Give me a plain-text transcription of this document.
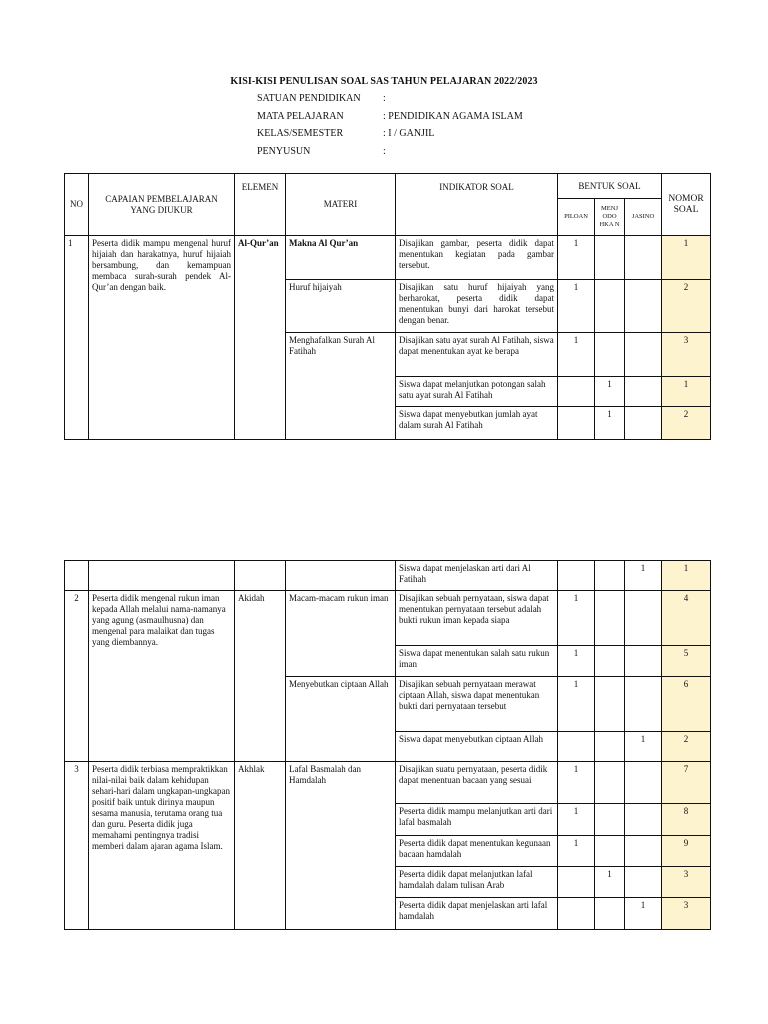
KISI-KISI PENULISAN SOAL SAS TAHUN PELAJARAN 2022/2023
SATUAN PENDIDIKAN :
MATA PELAJARAN	: PENDIDIKAN AGAMA ISLAM
KELAS/SEMESTER	: I / GANJIL
PENYUSUN	:
NO	CAPAIAN PEMBELAJARAN YANG DIUKUR	ELEMEN	MATERI	INDIKATOR SOAL	BENTUK SOAL			NOMOR SOAL
					PILOAN	MENJ ODO HKA N	JASINO	
1	Peserta didik mampu mengenal huruf hijaiah dan harakatnya, huruf hijaiah bersambung, dan kemampuan membaca surah-surah pendek Al-Qur’an dengan baik.	Al-Qur’an	Makna Al Qur’an	Disajikan gambar, peserta didik dapat menentukan kegiatan pada gambar tersebut.	1			1
			Huruf hijaiyah	Disajikan satu huruf hijaiyah yang berharokat, peserta didik dapat menentukan bunyi dari harokat tersebut dengan benar.	1			2
			Menghafalkan Surah Al Fatihah	Disajikan satu ayat surah Al Fatihah, siswa dapat menentukan ayat ke berapa	1			3
				Siswa dapat melanjutkan potongan salah satu ayat surah Al Fatihah		1		1
				Siswa dapat menyebutkan jumlah ayat dalam surah Al Fatihah		1		2
				Siswa dapat menjelaskan arti dari Al Fatihah			1	1
2	Peserta didik mengenal rukun iman kepada Allah melalui nama-namanya yang agung (asmaulhusna) dan mengenal para malaikat dan tugas yang diembannya.	Akidah	Macam-macam rukun iman	Disajikan sebuah pernyataan, siswa dapat menentukan pernyataan tersebut adalah bukti rukun iman kepada siapa	1			4
				Siswa dapat menentukan salah satu rukun iman	1			5
			Menyebutkan ciptaan Allah	Disajikan sebuah pernyataan merawat ciptaan Allah, siswa dapat menentukan bukti dari pernyataan tersebut	1			6
				Siswa dapat menyebutkan ciptaan Allah			1	2
3	Peserta didik terbiasa mempraktikkan nilai-nilai baik dalam kehidupan sehari-hari dalam ungkapan-ungkapan positif baik untuk dirinya maupun sesama manusia, terutama orang tua dan guru. Peserta didik juga memahami pentingnya tradisi memberi dalam ajaran agama Islam.	Akhlak	Lafal Basmalah dan Hamdalah	Disajikan suatu pernyataan, peserta didik dapat menentuan bacaan yang sesuai	1			7
				Peserta didik mampu melanjutkan arti dari lafal basmalah	1			8
				Peserta didik dapat menentukan kegunaan bacaan hamdalah	1			9
				Peserta didik dapat melanjutkan lafal hamdalah dalam tulisan Arab		1		3
				Peserta didik dapat menjelaskan arti lafal hamdalah			1	3
